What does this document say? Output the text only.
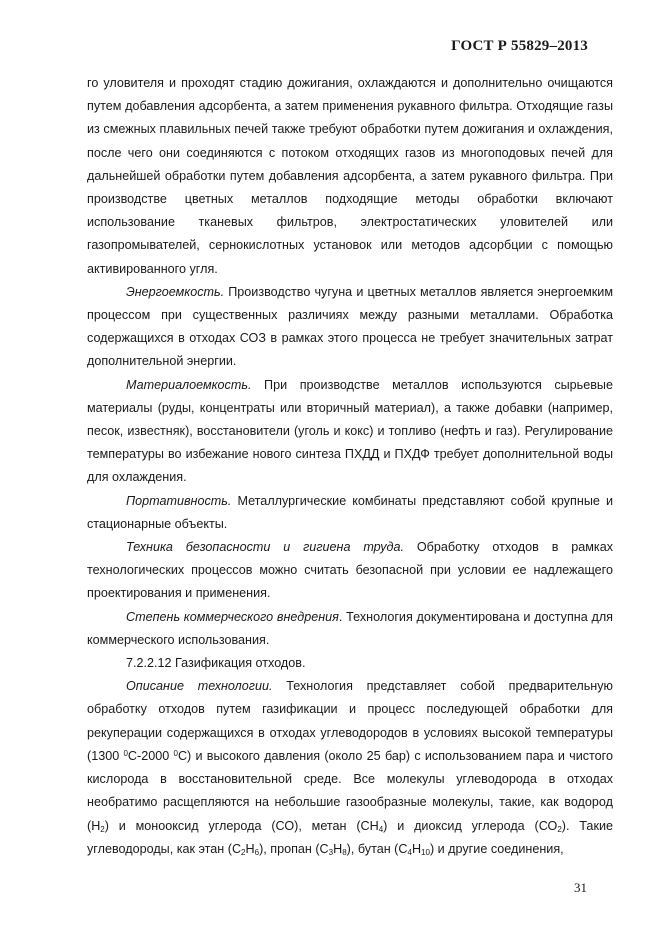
ГОСТ Р 55829–2013

го уловителя и проходят стадию дожигания, охлаждаются и дополнительно очищаются путем добавления адсорбента, а затем применения рукавного фильтра. Отходящие газы из смежных плавильных печей также требуют обработки путем дожигания и охлаждения, после чего они соединяются с потоком отходящих газов из многоподовых печей для дальнейшей обработки путем добавления адсорбента, а затем рукавного фильтра. При производстве цветных металлов подходящие методы обработки включают использование тканевых фильтров, электростатических уловителей или газопромывателей, сернокислотных установок или методов адсорбции с помощью активированного угля.

Энергоемкость. Производство чугуна и цветных металлов является энергоемким процессом при существенных различиях между разными металлами. Обработка содержащихся в отходах СОЗ в рамках этого процесса не требует значительных затрат дополнительной энергии.

Материалоемкость. При производстве металлов используются сырьевые материалы (руды, концентраты или вторичный материал), а также добавки (например, песок, известняк), восстановители (уголь и кокс) и топливо (нефть и газ). Регулирование температуры во избежание нового синтеза ПХДД и ПХДФ требует дополнительной воды для охлаждения.

Портативность. Металлургические комбинаты представляют собой крупные и стационарные объекты.

Техника безопасности и гигиена труда. Обработку отходов в рамках технологических процессов можно считать безопасной при условии ее надлежащего проектирования и применения.

Степень коммерческого внедрения. Технология документирована и доступна для коммерческого использования.

7.2.2.12 Газификация отходов.

Описание технологии. Технология представляет собой предварительную обработку отходов путем газификации и процесс последующей обработки для рекуперации содержащихся в отходах углеводородов в условиях высокой температуры (1300 $^0$С-2000 $^0$С) и высокого давления (около 25 бар) с использованием пара и чистого кислорода в восстановительной среде. Все молекулы углеводорода в отходах необратимо расщепляются на небольшие газообразные молекулы, такие, как водород $(Н_2)$ и монооксид углерода (СО), метан $(СН_4)$ и диоксид углерода $(СО_2)$. Такие углеводороды, как этан $(С_2Н_6)$, пропан $(С_3Н_8)$, бутан $(С_4Н_{10})$ и другие соединения,

31
